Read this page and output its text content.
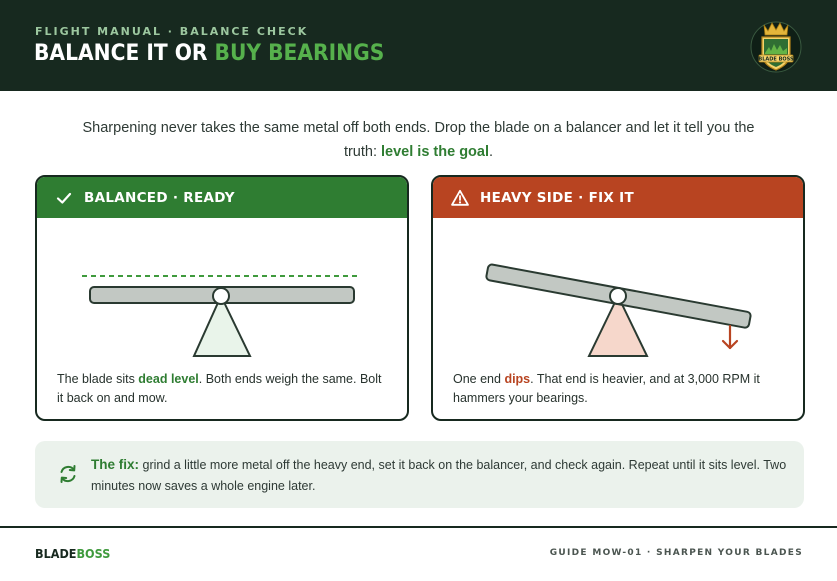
FLIGHT MANUAL · BALANCE CHECK
BALANCE IT OR BUY BEARINGS	BLADE BOSS
Sharpening never takes the same metal off both ends. Drop the blade on a balancer and let it tell you the truth: level is the goal.
BALANCED · READY
The blade sits dead level. Both ends weigh the same. Bolt it back on and mow.
HEAVY SIDE · FIX IT
One end dips. That end is heavier, and at 3,000 RPM it hammers your bearings.
The fix: grind a little more metal off the heavy end, set it back on the balancer, and check again. Repeat until it sits level. Two minutes now saves a whole engine later.
BLADEBOSS	GUIDE MOW-01 · SHARPEN YOUR BLADES
